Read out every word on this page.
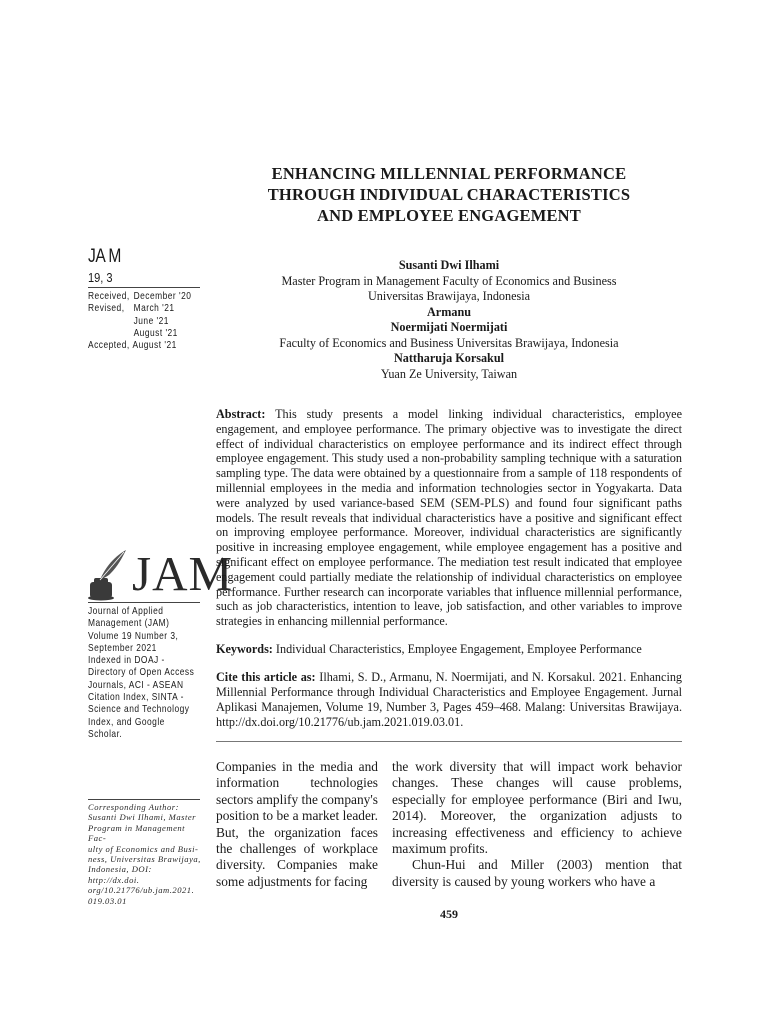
ENHANCING MILLENNIAL PERFORMANCE
THROUGH INDIVIDUAL CHARACTERISTICS
AND EMPLOYEE ENGAGEMENT
Susanti Dwi Ilhami
Master Program in Management Faculty of Economics and Business
Universitas Brawijaya, Indonesia
Armanu
Noermijati Noermijati
Faculty of Economics and Business Universitas Brawijaya, Indonesia
Nattharuja Korsakul
Yuan Ze University, Taiwan
JA M
19, 3
Received, December '20
Revised, March '21
June '21
August '21
Accepted,
August '21
JAM
Journal of Applied
Management (JAM)
Volume 19 Number 3,
September 2021
Indexed in DOAJ -
Directory of Open Access
Journals, ACI - ASEAN
Citation Index, SINTA -
Science and Technology
Index, and Google
Scholar.
Corresponding Author:
Susanti Dwi Ilhami, Master
Program in Management Fac-
ulty of Economics and Busi-
ness, Universitas Brawijaya,
Indonesia, DOI: http://dx.doi.
org/10.21776/ub.jam.2021.
019.03.01
Abstract: This study presents a model linking individual characteristics, employee engagement, and employee performance. The primary objective was to investigate the direct effect of individual characteristics on employee performance and its indirect effect through employee engagement. This study used a non-probability sampling technique with a saturation sampling type. The data were obtained by a questionnaire from a sample of 118 respondents of millennial employees in the media and information technologies sector in Yogyakarta. Data were analyzed by used variance-based SEM (SEM-PLS) and found four significant paths models. The result reveals that individual characteristics have a positive and significant effect on improving employee performance. Moreover, individual characteristics are significantly positive in increasing employee engagement, while employee engagement has a positive and significant effect on employee performance. The mediation test result indicated that employee engagement could partially mediate the relationship of individual characteristics on employee performance. Further research can incorporate variables that influence millennial performance, such as job characteristics, intention to leave, job satisfaction, and other variables to improve strategies in enhancing millennial performance.
Keywords: Individual Characteristics, Employee Engagement, Employee Performance
Cite this article as: Ilhami, S. D., Armanu, N. Noermijati, and N. Korsakul. 2021. Enhancing Millennial Performance through Individual Characteristics and Employee Engagement. Jurnal Aplikasi Manajemen, Volume 19, Number 3, Pages 459–468. Malang: Universitas Brawijaya. http://dx.doi.org/10.21776/ub.jam.2021.019.03.01.
Companies in the media and information technologies sectors amplify the company's position to be a market leader. But, the organization faces the challenges of workplace diversity. Companies make some adjustments for facing
the work diversity that will impact work behavior changes. These changes will cause problems, especially for employee performance (Biri and Iwu, 2014). Moreover, the organization adjusts to increasing effectiveness and efficiency to achieve maximum profits.
Chun-Hui and Miller (2003) mention that diversity is caused by young workers who have a
459
